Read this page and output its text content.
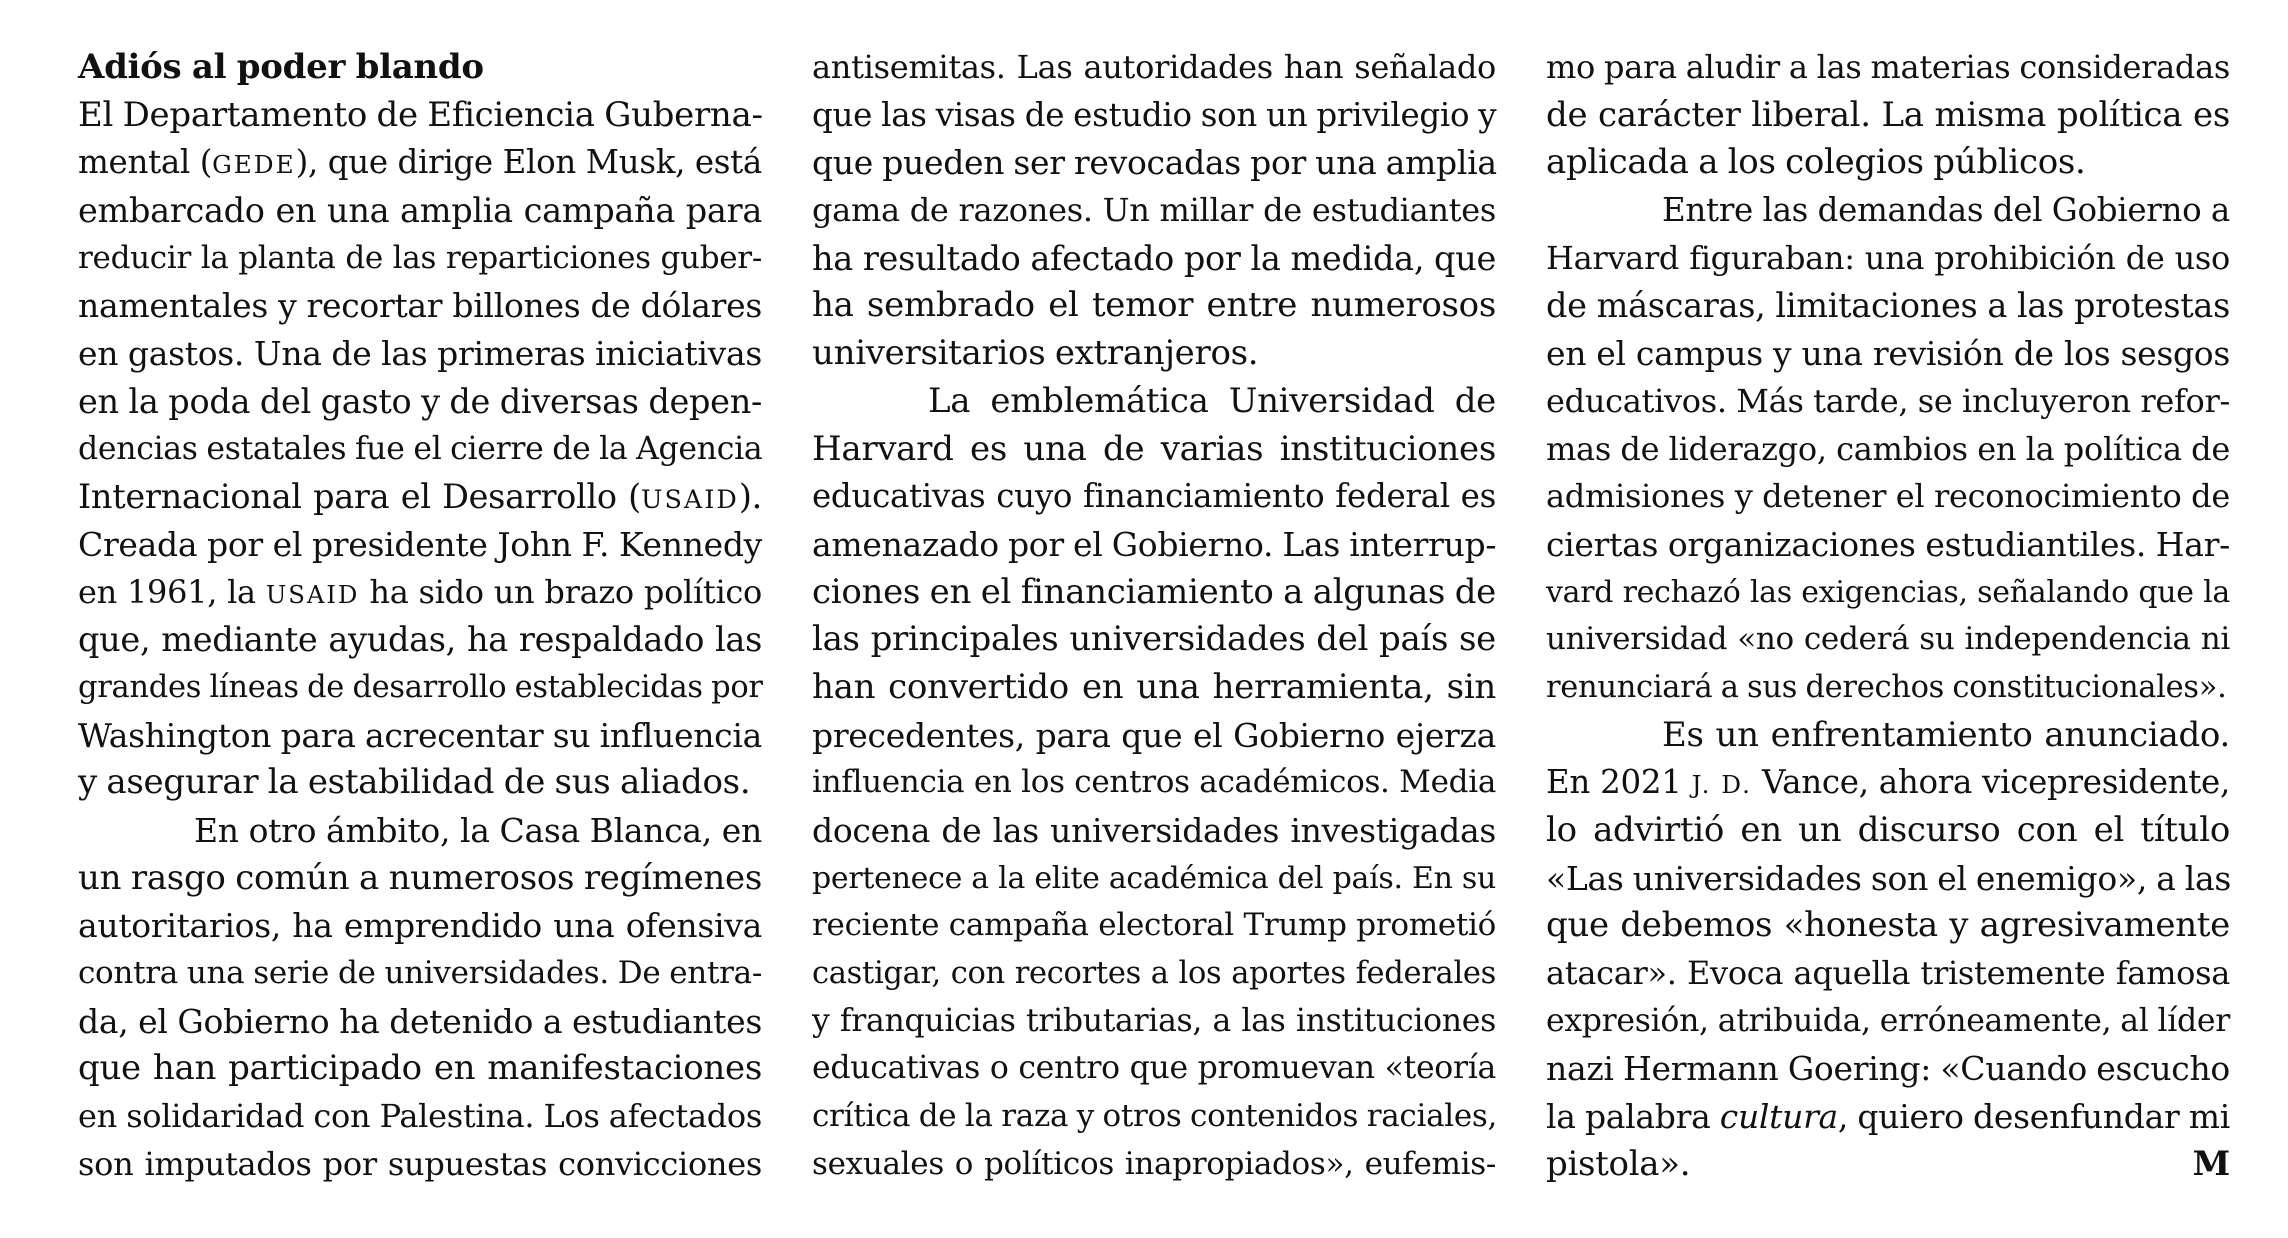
Adiós al poder blando
El Departamento de Eficiencia Guberna-
mental (GEDE), que dirige Elon Musk, está
embarcado en una amplia campaña para
reducir la planta de las reparticiones guber-
namentales y recortar billones de dólares
en gastos. Una de las primeras iniciativas
en la poda del gasto y de diversas depen-
dencias estatales fue el cierre de la Agencia
Internacional para el Desarrollo (USAID).
Creada por el presidente John F. Kennedy
en 1961, la USAID ha sido un brazo político
que, mediante ayudas, ha respaldado las
grandes líneas de desarrollo establecidas por
Washington para acrecentar su influencia
y asegurar la estabilidad de sus aliados.
En otro ámbito, la Casa Blanca, en
un rasgo común a numerosos regímenes
autoritarios, ha emprendido una ofensiva
contra una serie de universidades. De entra-
da, el Gobierno ha detenido a estudiantes
que han participado en manifestaciones
en solidaridad con Palestina. Los afectados
son imputados por supuestas convicciones
antisemitas. Las autoridades han señalado
que las visas de estudio son un privilegio y
que pueden ser revocadas por una amplia
gama de razones. Un millar de estudiantes
ha resultado afectado por la medida, que
ha sembrado el temor entre numerosos
universitarios extranjeros.
La emblemática Universidad de
Harvard es una de varias instituciones
educativas cuyo financiamiento federal es
amenazado por el Gobierno. Las interrup-
ciones en el financiamiento a algunas de
las principales universidades del país se
han convertido en una herramienta, sin
precedentes, para que el Gobierno ejerza
influencia en los centros académicos. Media
docena de las universidades investigadas
pertenece a la elite académica del país. En su
reciente campaña electoral Trump prometió
castigar, con recortes a los aportes federales
y franquicias tributarias, a las instituciones
educativas o centro que promuevan «teoría
crítica de la raza y otros contenidos raciales,
sexuales o políticos inapropiados», eufemis-
mo para aludir a las materias consideradas
de carácter liberal. La misma política es
aplicada a los colegios públicos.
Entre las demandas del Gobierno a
Harvard figuraban: una prohibición de uso
de máscaras, limitaciones a las protestas
en el campus y una revisión de los sesgos
educativos. Más tarde, se incluyeron refor-
mas de liderazgo, cambios en la política de
admisiones y detener el reconocimiento de
ciertas organizaciones estudiantiles. Har-
vard rechazó las exigencias, señalando que la
universidad «no cederá su independencia ni
renunciará a sus derechos constitucionales».
Es un enfrentamiento anunciado.
En 2021 J. D. Vance, ahora vicepresidente,
lo advirtió en un discurso con el título
«Las universidades son el enemigo», a las
que debemos «honesta y agresivamente
atacar». Evoca aquella tristemente famosa
expresión, atribuida, erróneamente, al líder
nazi Hermann Goering: «Cuando escucho
la palabra cultura, quiero desenfundar mi
pistola».	M
